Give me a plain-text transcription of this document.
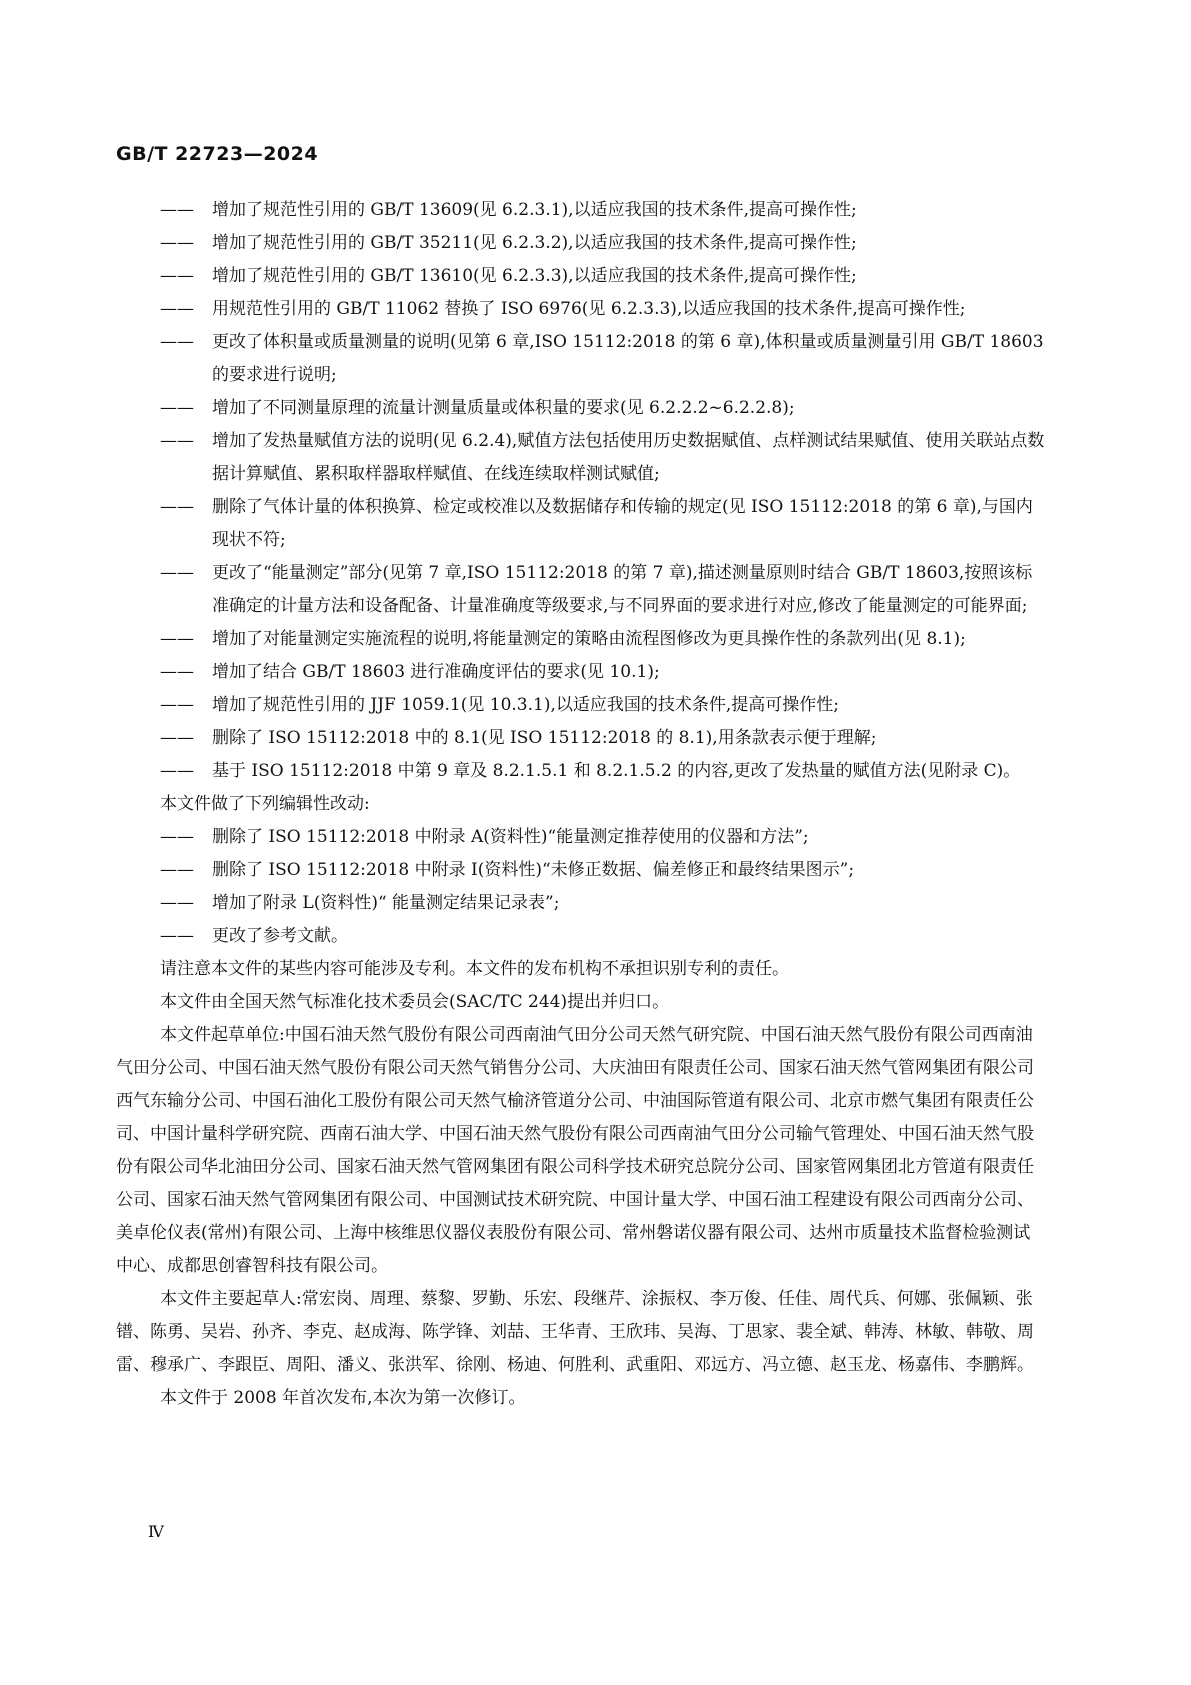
GB/T 22723—2024
—— 增加了规范性引用的 GB/T 13609(见 6.2.3.1),以适应我国的技术条件,提高可操作性;
—— 增加了规范性引用的 GB/T 35211(见 6.2.3.2),以适应我国的技术条件,提高可操作性;
—— 增加了规范性引用的 GB/T 13610(见 6.2.3.3),以适应我国的技术条件,提高可操作性;
—— 用规范性引用的 GB/T 11062 替换了 ISO 6976(见 6.2.3.3),以适应我国的技术条件,提高可操作性;
—— 更改了体积量或质量测量的说明(见第 6 章,ISO 15112:2018 的第 6 章),体积量或质量测量引用 GB/T 18603 的要求进行说明;
—— 增加了不同测量原理的流量计测量质量或体积量的要求(见 6.2.2.2~6.2.2.8);
—— 增加了发热量赋值方法的说明(见 6.2.4),赋值方法包括使用历史数据赋值、点样测试结果赋值、使用关联站点数据计算赋值、累积取样器取样赋值、在线连续取样测试赋值;
—— 删除了气体计量的体积换算、检定或校准以及数据储存和传输的规定(见 ISO 15112:2018 的第 6 章),与国内现状不符;
—— 更改了“能量测定”部分(见第 7 章,ISO 15112:2018 的第 7 章),描述测量原则时结合 GB/T 18603,按照该标准确定的计量方法和设备配备、计量准确度等级要求,与不同界面的要求进行对应,修改了能量测定的可能界面;
—— 增加了对能量测定实施流程的说明,将能量测定的策略由流程图修改为更具操作性的条款列出(见 8.1);
—— 增加了结合 GB/T 18603 进行准确度评估的要求(见 10.1);
—— 增加了规范性引用的 JJF 1059.1(见 10.3.1),以适应我国的技术条件,提高可操作性;
—— 删除了 ISO 15112:2018 中的 8.1(见 ISO 15112:2018 的 8.1),用条款表示便于理解;
—— 基于 ISO 15112:2018 中第 9 章及 8.2.1.5.1 和 8.2.1.5.2 的内容,更改了发热量的赋值方法(见附录 C)。
本文件做了下列编辑性改动:
—— 删除了 ISO 15112:2018 中附录 A(资料性)“能量测定推荐使用的仪器和方法”;
—— 删除了 ISO 15112:2018 中附录 I(资料性)“未修正数据、偏差修正和最终结果图示”;
—— 增加了附录 L(资料性)“ 能量测定结果记录表”;
—— 更改了参考文献。
请注意本文件的某些内容可能涉及专利。本文件的发布机构不承担识别专利的责任。
本文件由全国天然气标准化技术委员会(SAC/TC 244)提出并归口。
本文件起草单位:中国石油天然气股份有限公司西南油气田分公司天然气研究院、中国石油天然气股份有限公司西南油气田分公司、中国石油天然气股份有限公司天然气销售分公司、大庆油田有限责任公司、国家石油天然气管网集团有限公司西气东输分公司、中国石油化工股份有限公司天然气榆济管道分公司、中油国际管道有限公司、北京市燃气集团有限责任公司、中国计量科学研究院、西南石油大学、中国石油天然气股份有限公司西南油气田分公司输气管理处、中国石油天然气股份有限公司华北油田分公司、国家石油天然气管网集团有限公司科学技术研究总院分公司、国家管网集团北方管道有限责任公司、国家石油天然气管网集团有限公司、中国测试技术研究院、中国计量大学、中国石油工程建设有限公司西南分公司、美卓伦仪表(常州)有限公司、上海中核维思仪器仪表股份有限公司、常州磐诺仪器有限公司、达州市质量技术监督检验测试中心、成都思创睿智科技有限公司。
本文件主要起草人:常宏岗、周理、蔡黎、罗勤、乐宏、段继芹、涂振权、李万俊、任佳、周代兵、何娜、张佩颖、张镨、陈勇、吴岩、孙齐、李克、赵成海、陈学锋、刘喆、王华青、王欣玮、吴海、丁思家、裴全斌、韩涛、林敏、韩敬、周雷、穆承广、李跟臣、周阳、潘义、张洪军、徐刚、杨迪、何胜利、武重阳、邓远方、冯立德、赵玉龙、杨嘉伟、李鹏辉。
本文件于 2008 年首次发布,本次为第一次修订。
Ⅳ
